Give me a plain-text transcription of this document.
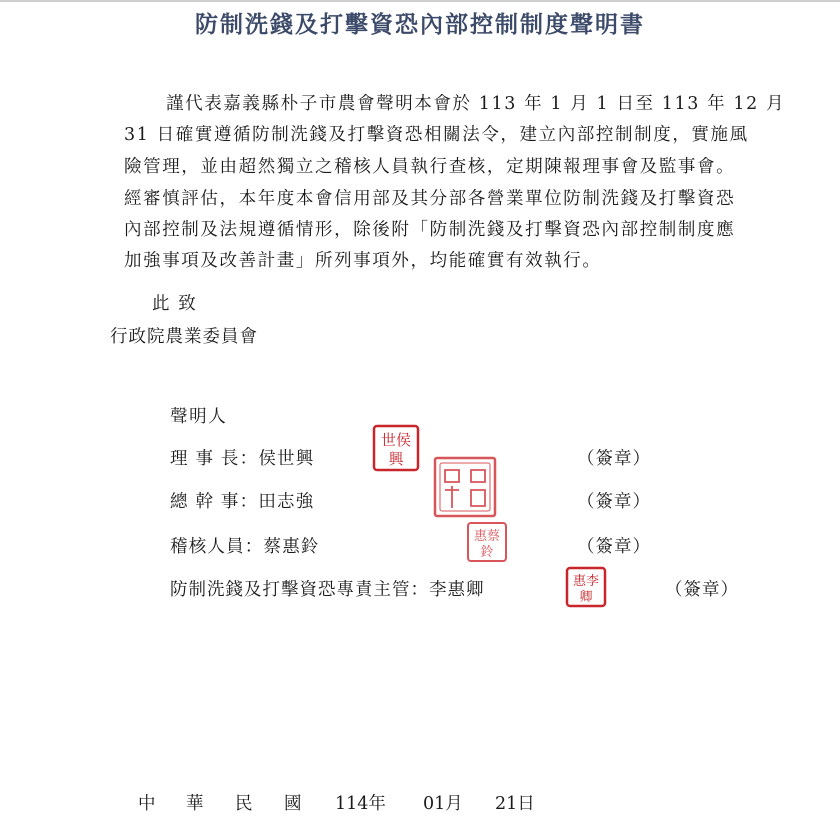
防制洗錢及打擊資恐內部控制制度聲明書
謹代表嘉義縣朴子市農會聲明本會於 113 年 1 月 1 日至 113 年 12 月
31 日確實遵循防制洗錢及打擊資恐相關法令，建立內部控制制度，實施風
險管理，並由超然獨立之稽核人員執行查核，定期陳報理事會及監事會。
經審慎評估，本年度本會信用部及其分部各營業單位防制洗錢及打擊資恐
內部控制及法規遵循情形，除後附「防制洗錢及打擊資恐內部控制制度應
加強事項及改善計畫」所列事項外，均能確實有效執行。
此 致
行政院農業委員會
聲明人
理 事 長：侯世興	（簽章）
總 幹 事：田志強	（簽章）
稽核人員：蔡惠鈴	（簽章）
防制洗錢及打擊資恐專責主管：李惠卿	（簽章）
世侯
興
惠蔡
鈴
惠李
卿
中 華 民 國 114年 01月 21日
